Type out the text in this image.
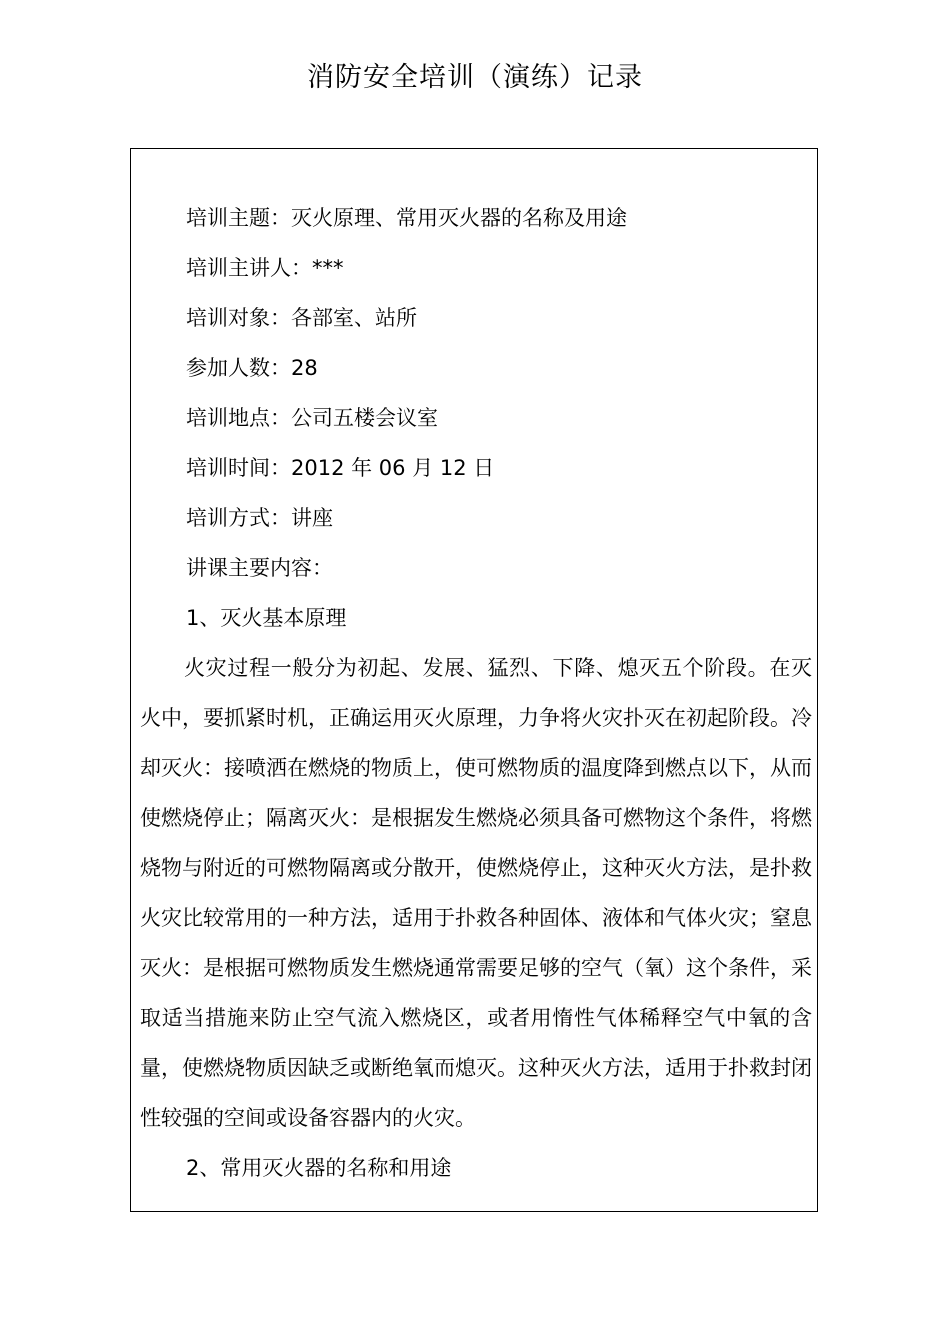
消防安全培训（演练）记录
培训主题：灭火原理、常用灭火器的名称及用途
培训主讲人：***
培训对象：各部室、站所
参加人数：28
培训地点：公司五楼会议室
培训时间：2012 年 06 月 12 日
培训方式：讲座
讲课主要内容：
1、灭火基本原理
火灾过程一般分为初起、发展、猛烈、下降、熄灭五个阶段。在灭火中，要抓紧时机，正确运用灭火原理，力争将火灾扑灭在初起阶段。冷却灭火：接喷洒在燃烧的物质上，使可燃物质的温度降到燃点以下，从而使燃烧停止；隔离灭火：是根据发生燃烧必须具备可燃物这个条件，将燃烧物与附近的可燃物隔离或分散开，使燃烧停止，这种灭火方法，是扑救火灾比较常用的一种方法，适用于扑救各种固体、液体和气体火灾；窒息灭火：是根据可燃物质发生燃烧通常需要足够的空气（氧）这个条件，采取适当措施来防止空气流入燃烧区，或者用惰性气体稀释空气中氧的含量，使燃烧物质因缺乏或断绝氧而熄灭。这种灭火方法，适用于扑救封闭性较强的空间或设备容器内的火灾。
2、常用灭火器的名称和用途
